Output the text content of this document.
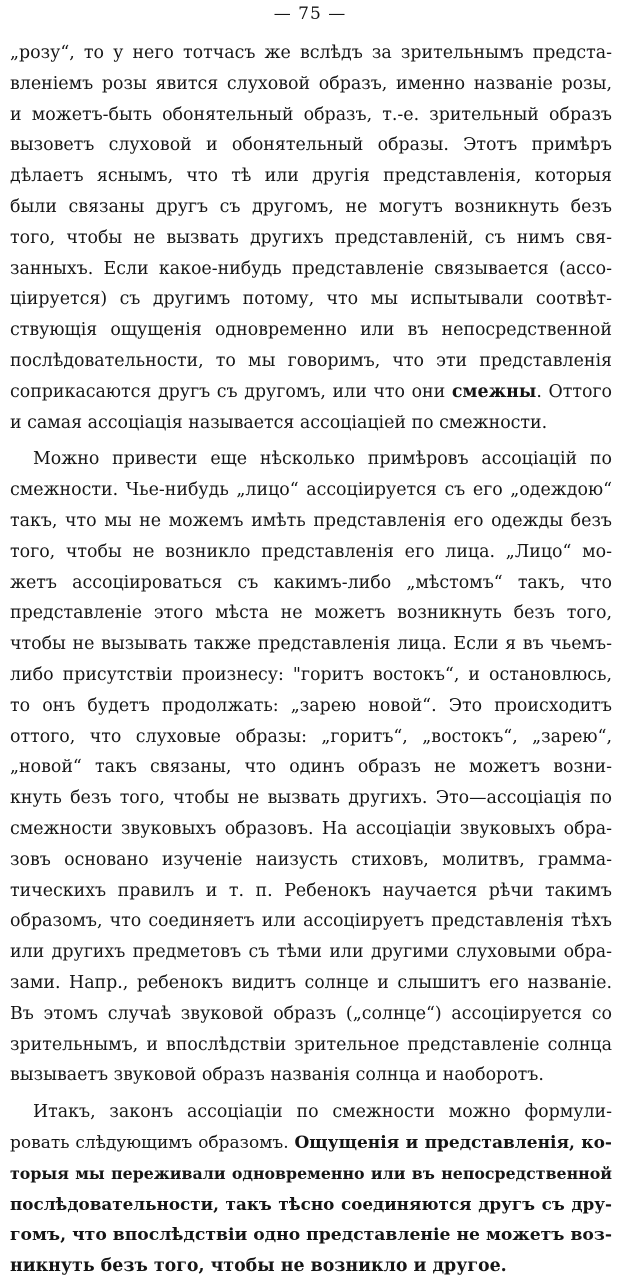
— 75 —
„розу“, то у него тотчасъ же вслѣдъ за зрительнымъ предста-
вленіемъ розы явится слуховой образъ, именно названіе розы,
и можетъ-быть обонятельный образъ, т.-е. зрительный образъ
вызоветъ слуховой и обонятельный образы. Этотъ примѣръ
дѣлаетъ яснымъ, что тѣ или другія представленія, которыя
были связаны другъ съ другомъ, не могутъ возникнуть безъ
того, чтобы не вызвать другихъ представленій, съ нимъ свя-
занныхъ. Если какое-нибудь представленіе связывается (ассо-
ціируется) съ другимъ потому, что мы испытывали соотвѣт-
ствующія ощущенія одновременно или въ непосредственной
послѣдовательности, то мы говоримъ, что эти представленія
соприкасаются другъ съ другомъ, или что они смежны. Оттого
и самая ассоціація называется ассоціаціей по смежности.
Можно привести еще нѣсколько примѣровъ ассоціацій по
смежности. Чье-нибудь „лицо“ ассоціируется съ его „одеждою“
такъ, что мы не можемъ имѣть представленія его одежды безъ
того, чтобы не возникло представленія его лица. „Лицо“ мо-
жетъ ассоціироваться съ какимъ-либо „мѣстомъ“ такъ, что
представленіе этого мѣста не можетъ возникнуть безъ того,
чтобы не вызывать также представленія лица. Если я въ чьемъ-
либо присутствіи произнесу: "горитъ востокъ“, и остановлюсь,
то онъ будетъ продолжать: „зарею новой“. Это происходитъ
оттого, что слуховые образы: „горитъ“, „востокъ“, „зарею“,
„новой“ такъ связаны, что одинъ образъ не можетъ возни-
кнуть безъ того, чтобы не вызвать другихъ. Это—ассоціація по
смежности звуковыхъ образовъ. На ассоціаціи звуковыхъ обра-
зовъ основано изученіе наизусть стиховъ, молитвъ, грамма-
тическихъ правилъ и т. п. Ребенокъ научается рѣчи такимъ
образомъ, что соединяетъ или ассоціируетъ представленія тѣхъ
или другихъ предметовъ съ тѣми или другими слуховыми обра-
зами. Напр., ребенокъ видитъ солнце и слышитъ его названіе.
Въ этомъ случаѣ звуковой образъ („солнце“) ассоціируется со
зрительнымъ, и впослѣдствіи зрительное представленіе солнца
вызываетъ звуковой образъ названія солнца и наоборотъ.
Итакъ, законъ ассоціаціи по смежности можно формули-
ровать слѣдующимъ образомъ. Ощущенія и представленія, ко-
торыя мы переживали одновременно или въ непосредственной
послѣдовательности, такъ тѣсно соединяются другъ съ дру-
гомъ, что впослѣдствіи одно представленіе не можетъ воз-
никнуть безъ того, чтобы не возникло и другое.
